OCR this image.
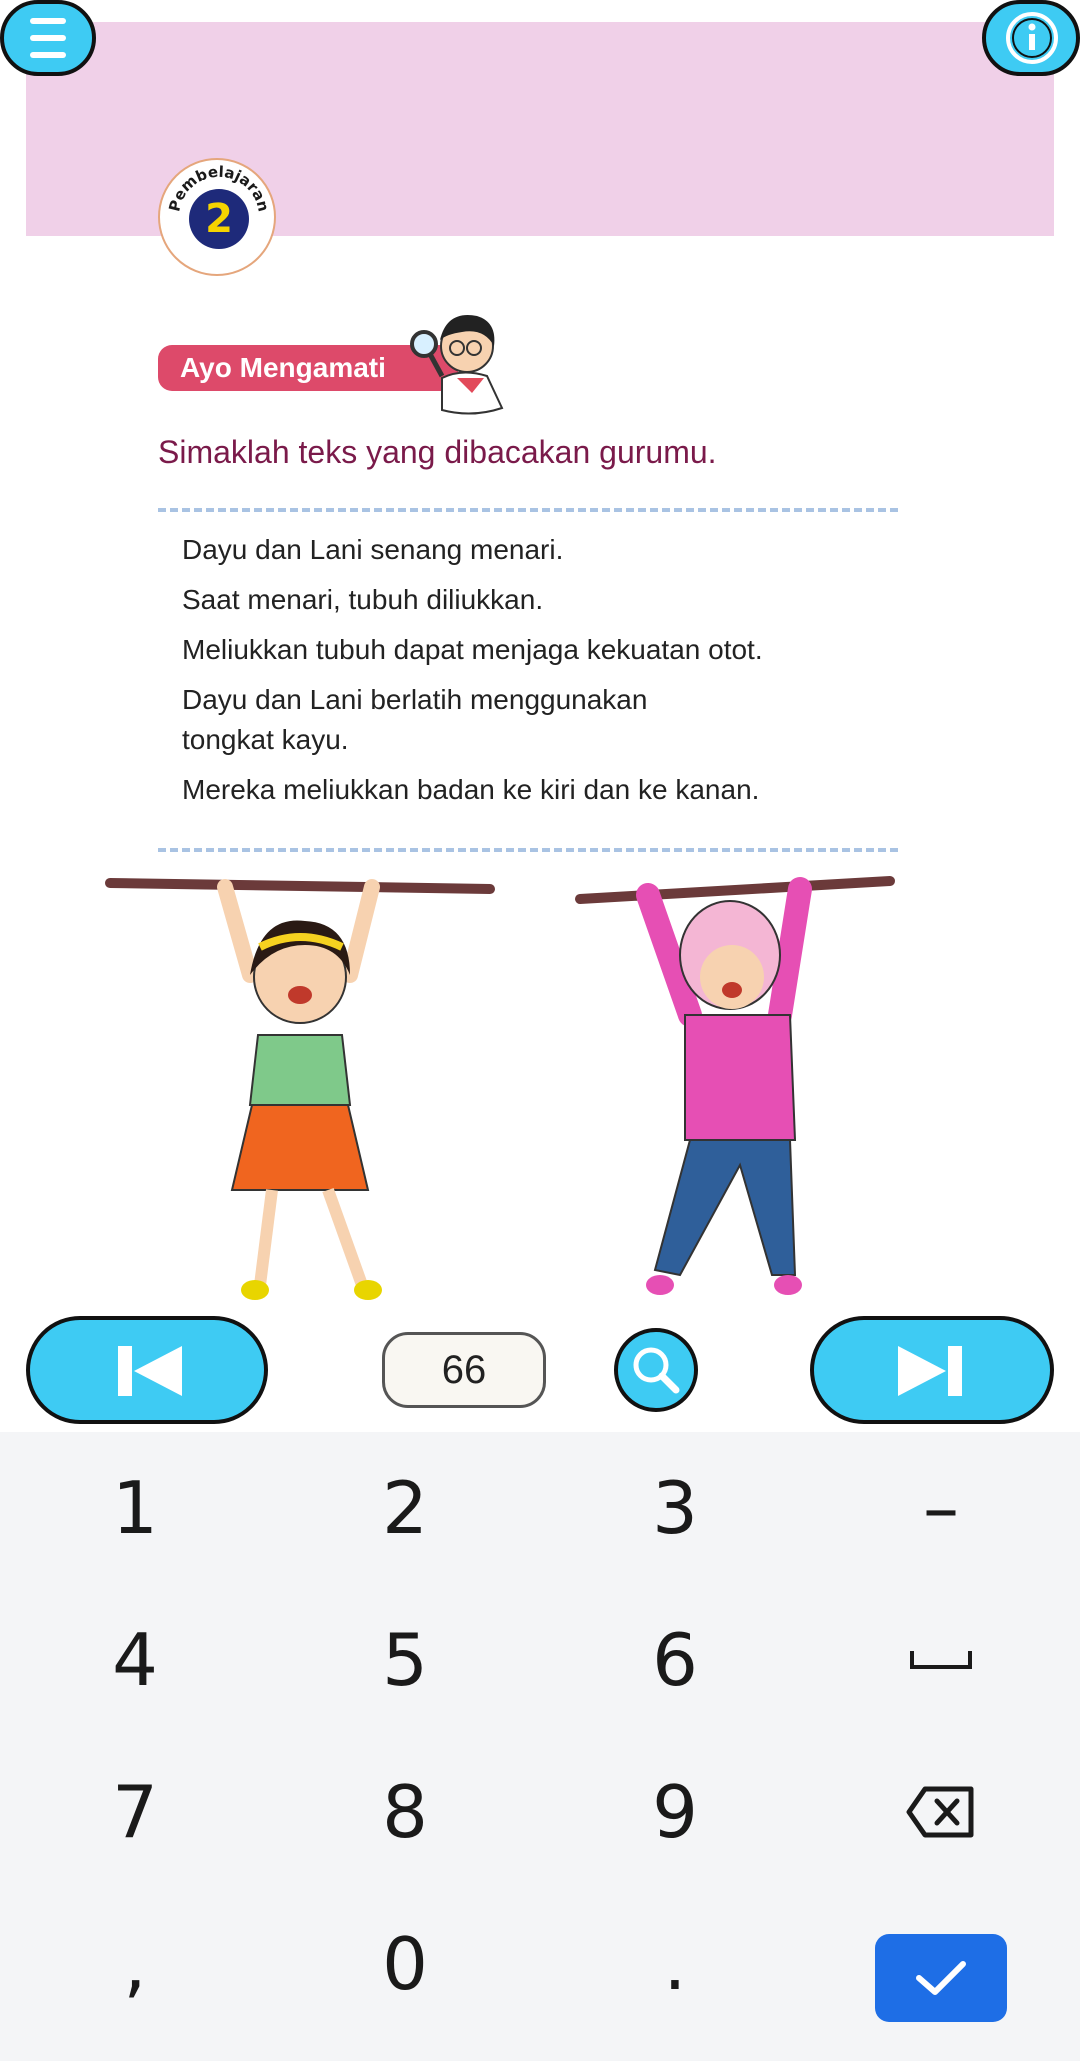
Pembelajaran
2
Ayo Mengamati
Simaklah teks yang dibacakan gurumu.

Dayu dan Lani senang menari.

Saat menari, tubuh diliukkan.

Meliukkan tubuh dapat menjaga kekuatan otot.

Dayu dan Lani berlatih menggunakan tongkat kayu.

Mereka meliukkan badan ke kiri dan ke kanan.

66
1	2	3	–
4	5	6
7	8	9
,	0	.
